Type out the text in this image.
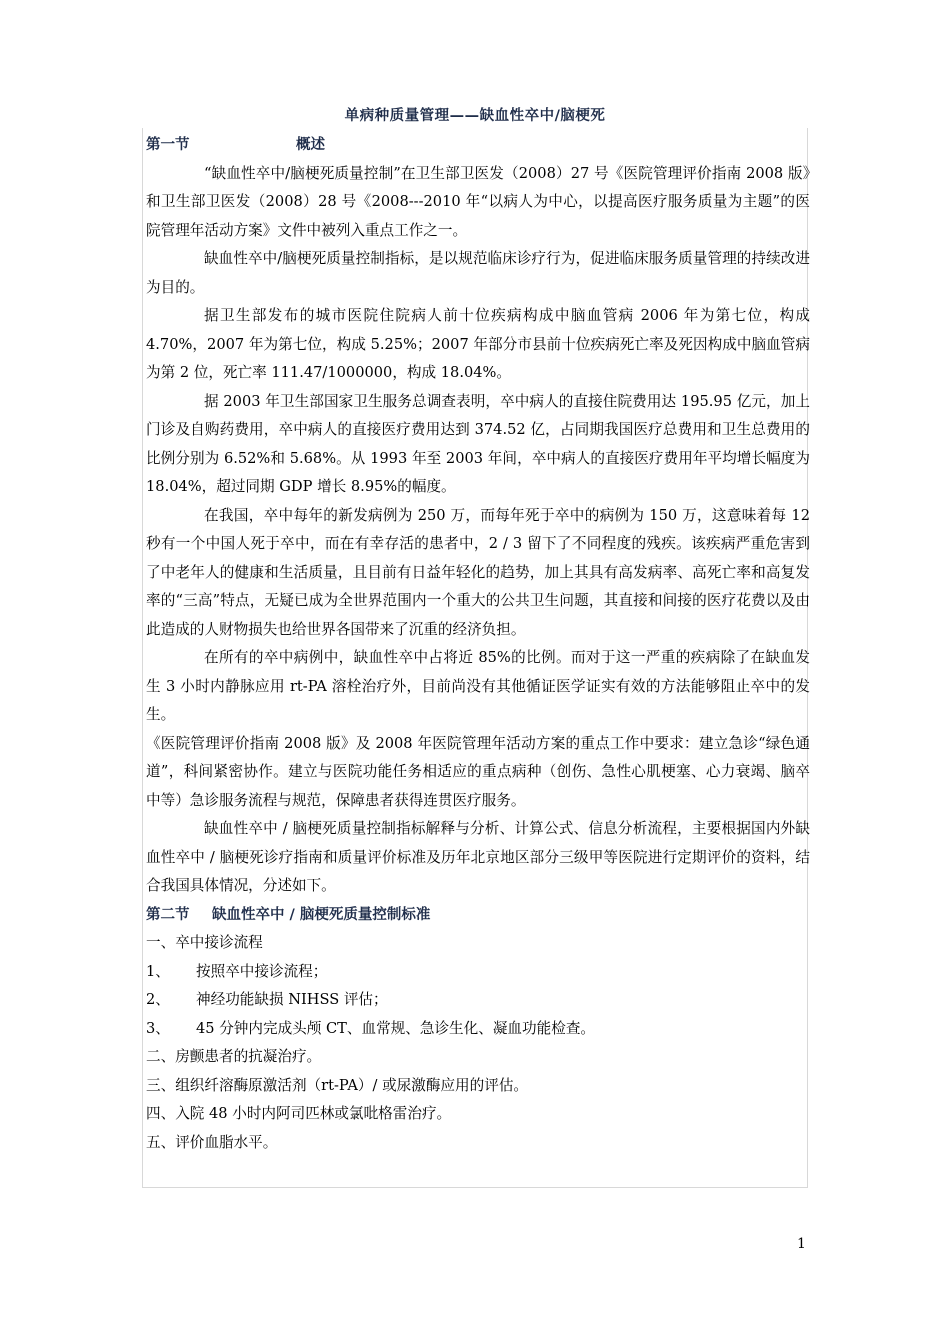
单病种质量管理——缺血性卒中/脑梗死
第一节	概述

“缺血性卒中/脑梗死质量控制”在卫生部卫医发（2008）27 号《医院管理评价指南 2008 版》和卫生部卫医发（2008）28 号《2008---2010 年“以病人为中心，以提高医疗服务质量为主题”的医院管理年活动方案》文件中被列入重点工作之一。

缺血性卒中/脑梗死质量控制指标，是以规范临床诊疗行为，促进临床服务质量管理的持续改进为目的。

据卫生部发布的城市医院住院病人前十位疾病构成中脑血管病 2006 年为第七位，构成 4.70%，2007 年为第七位，构成 5.25%；2007 年部分市县前十位疾病死亡率及死因构成中脑血管病为第 2 位，死亡率 111.47/1000000，构成 18.04%。

据 2003 年卫生部国家卫生服务总调查表明，卒中病人的直接住院费用达 195.95 亿元，加上门诊及自购药费用，卒中病人的直接医疗费用达到 374.52 亿，占同期我国医疗总费用和卫生总费用的比例分别为 6.52%和 5.68%。从 1993 年至 2003 年间，卒中病人的直接医疗费用年平均增长幅度为 18.04%，超过同期 GDP 增长 8.95%的幅度。

在我国，卒中每年的新发病例为 250 万，而每年死于卒中的病例为 150 万，这意味着每 12 秒有一个中国人死于卒中，而在有幸存活的患者中，2 / 3 留下了不同程度的残疾。该疾病严重危害到了中老年人的健康和生活质量，且目前有日益年轻化的趋势，加上其具有高发病率、高死亡率和高复发率的“三高”特点，无疑已成为全世界范围内一个重大的公共卫生问题，其直接和间接的医疗花费以及由此造成的人财物损失也给世界各国带来了沉重的经济负担。

在所有的卒中病例中，缺血性卒中占将近 85%的比例。而对于这一严重的疾病除了在缺血发生 3 小时内静脉应用 rt-PA 溶栓治疗外，目前尚没有其他循证医学证实有效的方法能够阻止卒中的发生。

《医院管理评价指南 2008 版》及 2008 年医院管理年活动方案的重点工作中要求：建立急诊“绿色通道”，科间紧密协作。建立与医院功能任务相适应的重点病种（创伤、急性心肌梗塞、心力衰竭、脑卒中等）急诊服务流程与规范，保障患者获得连贯医疗服务。

缺血性卒中 / 脑梗死质量控制指标解释与分析、计算公式、信息分析流程，主要根据国内外缺血性卒中 / 脑梗死诊疗指南和质量评价标准及历年北京地区部分三级甲等医院进行定期评价的资料，结合我国具体情况，分述如下。

第二节 缺血性卒中 / 脑梗死质量控制标准

一、卒中接诊流程

1、 按照卒中接诊流程；

2、 神经功能缺损 NIHSS 评估；

3、 45 分钟内完成头颅 CT、血常规、急诊生化、凝血功能检查。

二、房颤患者的抗凝治疗。

三、组织纤溶酶原激活剂（rt-PA）/ 或尿激酶应用的评估。

四、入院 48 小时内阿司匹林或氯吡格雷治疗。

五、评价血脂水平。

1
